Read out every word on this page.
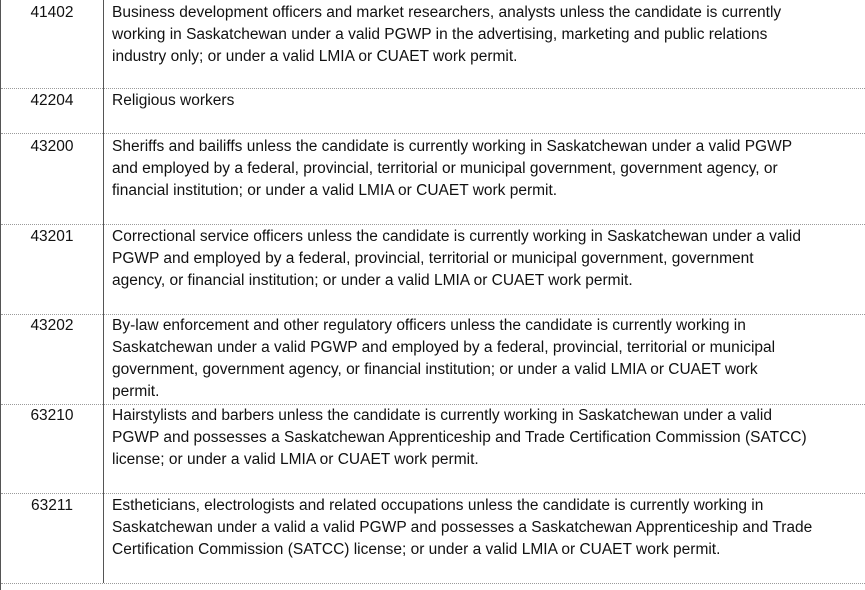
41402	Business development officers and market researchers, analysts unless the candidate is currently
working in Saskatchewan under a valid PGWP in the advertising, marketing and public relations
industry only; or under a valid LMIA or CUAET work permit.
42204	Religious workers
43200	Sheriffs and bailiffs unless the candidate is currently working in Saskatchewan under a valid PGWP
and employed by a federal, provincial, territorial or municipal government, government agency, or
financial institution; or under a valid LMIA or CUAET work permit.
43201	Correctional service officers unless the candidate is currently working in Saskatchewan under a valid
PGWP and employed by a federal, provincial, territorial or municipal government, government
agency, or financial institution; or under a valid LMIA or CUAET work permit.
43202	By-law enforcement and other regulatory officers unless the candidate is currently working in
Saskatchewan under a valid PGWP and employed by a federal, provincial, territorial or municipal
government, government agency, or financial institution; or under a valid LMIA or CUAET work
permit.
63210	Hairstylists and barbers unless the candidate is currently working in Saskatchewan under a valid
PGWP and possesses a Saskatchewan Apprenticeship and Trade Certification Commission (SATCC)
license; or under a valid LMIA or CUAET work permit.
63211	Estheticians, electrologists and related occupations unless the candidate is currently working in
Saskatchewan under a valid a valid PGWP and possesses a Saskatchewan Apprenticeship and Trade
Certification Commission (SATCC) license; or under a valid LMIA or CUAET work permit.
